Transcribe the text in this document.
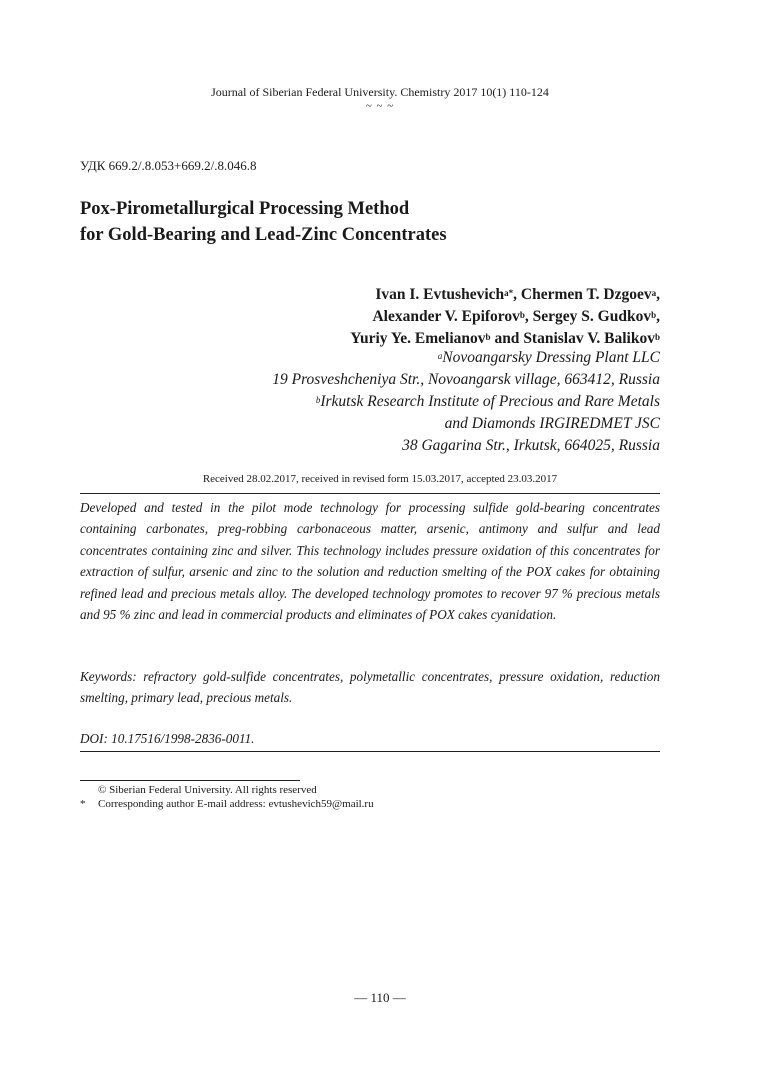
Journal of Siberian Federal University. Chemistry 2017 10(1) 110-124
~ ~ ~
УДК 669.2/.8.053+669.2/.8.046.8
Pox-Pirometallurgical Processing Method
for Gold-Bearing and Lead-Zinc Concentrates
Ivan I. Evtushevich$^{a*}$, Chermen T. Dzgoev$^a$,
Alexander V. Epiforov$^b$, Sergey S. Gudkov$^b$,
Yuriy Ye. Emelianov$^b$ and Stanislav V. Balikov$^b$
$^a$Novoangarsky Dressing Plant LLC
19 Prosveshcheniya Str., Novoangarsk village, 663412, Russia
$^b$Irkutsk Research Institute of Precious and Rare Metals
and Diamonds IRGIREDMET JSC
38 Gagarina Str., Irkutsk, 664025, Russia
Received 28.02.2017, received in revised form 15.03.2017, accepted 23.03.2017
Developed and tested in the pilot mode technology for processing sulfide gold-bearing concentrates containing carbonates, preg-robbing carbonaceous matter, arsenic, antimony and sulfur and lead concentrates containing zinc and silver. This technology includes pressure oxidation of this concentrates for extraction of sulfur, arsenic and zinc to the solution and reduction smelting of the POX cakes for obtaining refined lead and precious metals alloy. The developed technology promotes to recover 97 % precious metals and 95 % zinc and lead in commercial products and eliminates of POX cakes cyanidation.
Keywords: refractory gold-sulfide concentrates, polymetallic concentrates, pressure oxidation, reduction smelting, primary lead, precious metals.
DOI: 10.17516/1998-2836-0011.
© Siberian Federal University. All rights reserved
* Corresponding author E-mail address: evtushevich59@mail.ru
— 110 —
